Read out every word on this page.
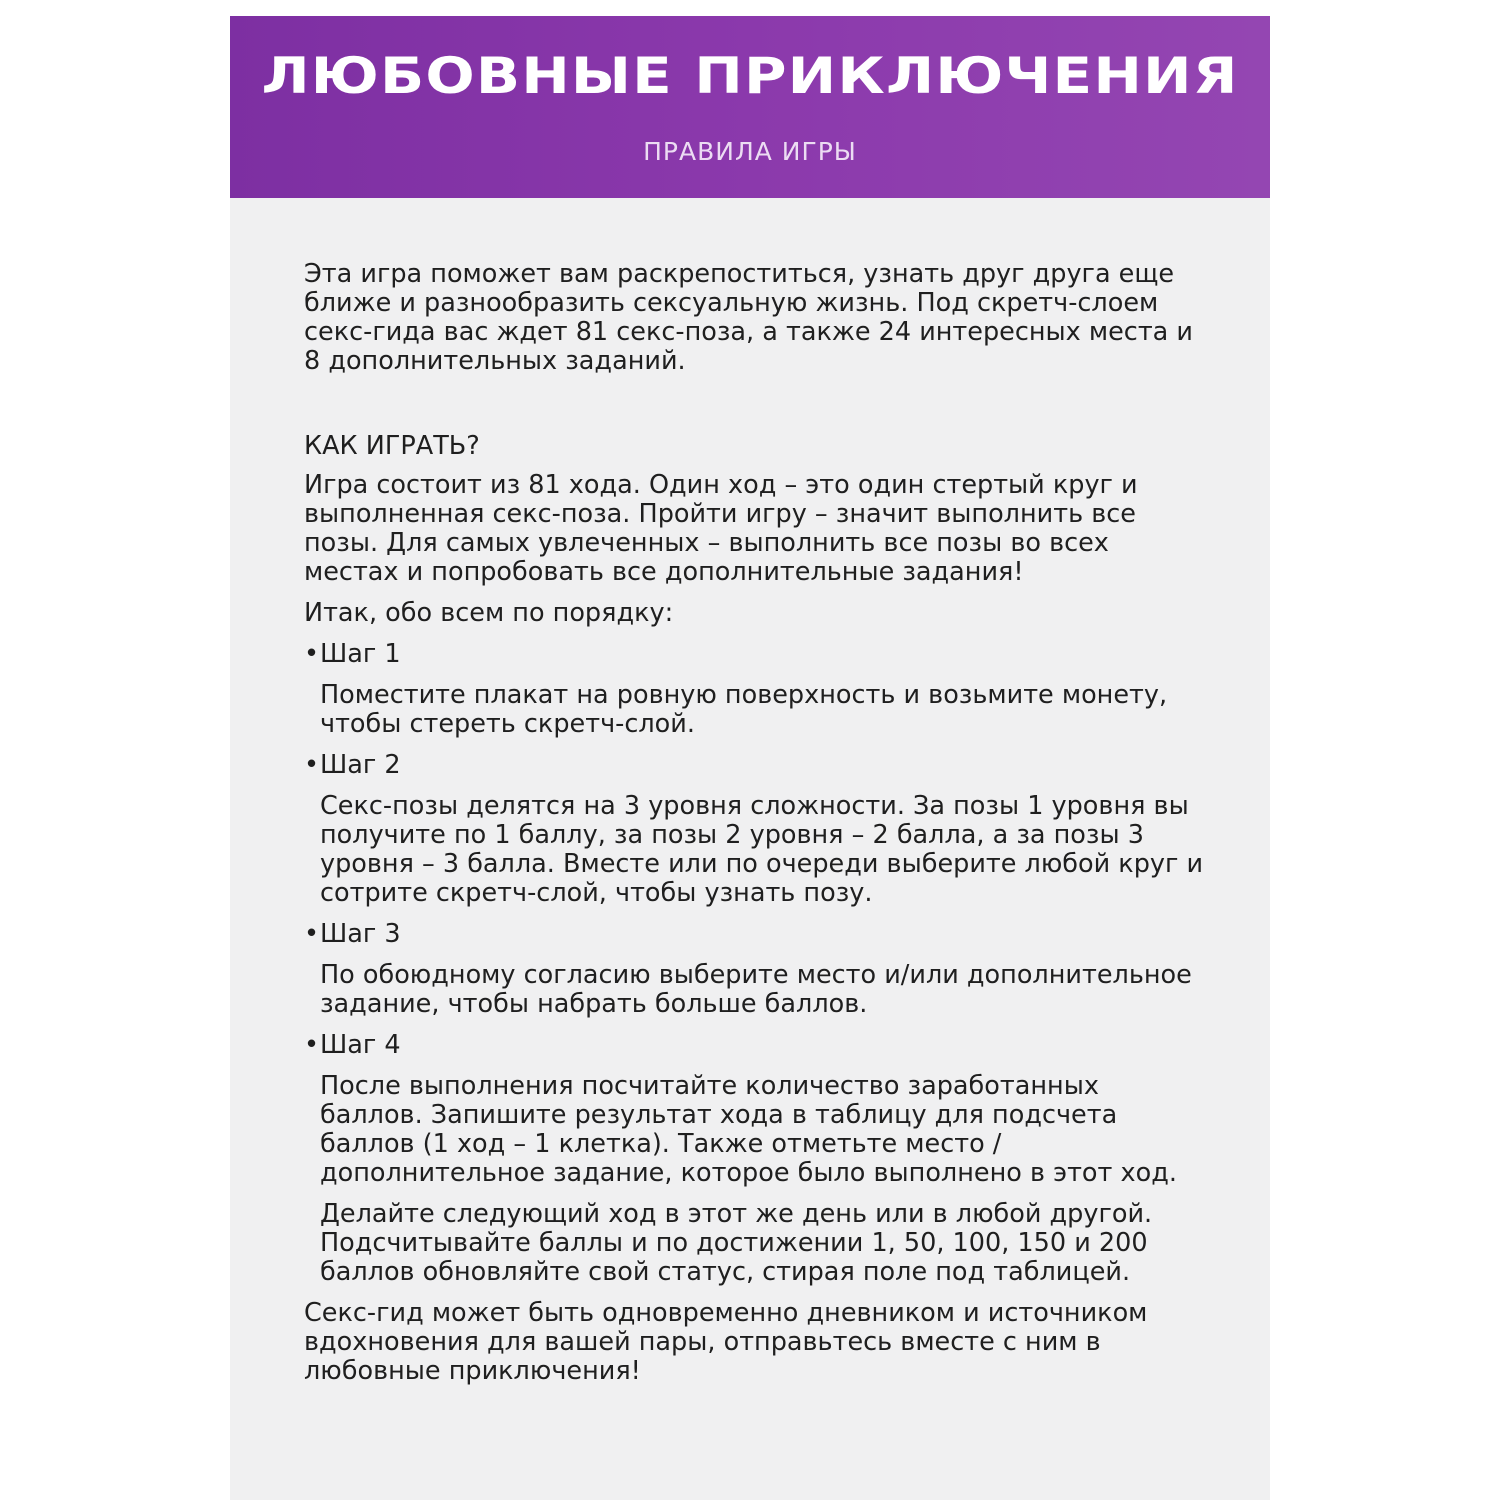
ЛЮБОВНЫЕ ПРИКЛЮЧЕНИЯ
ПРАВИЛА ИГРЫ

Эта игра поможет вам раскрепоститься, узнать друг друга еще ближе и разнообразить сексуальную жизнь. Под скретч-слоем секс-гида вас ждет 81 секс-поза, а также 24 интересных места и 8 дополнительных заданий.

КАК ИГРАТЬ?

Игра состоит из 81 хода. Один ход – это один стертый круг и выполненная секс-поза. Пройти игру – значит выполнить все позы. Для самых увлеченных – выполнить все позы во всех местах и попробовать все дополнительные задания!

Итак, обо всем по порядку:

•Шаг 1

Поместите плакат на ровную поверхность и возьмите монету, чтобы стереть скретч-слой.

•Шаг 2

Секс-позы делятся на 3 уровня сложности. За позы 1 уровня вы получите по 1 баллу, за позы 2 уровня – 2 балла, а за позы 3 уровня – 3 балла. Вместе или по очереди выберите любой круг и сотрите скретч-слой, чтобы узнать позу.

•Шаг 3

По обоюдному согласию выберите место и/или дополнительное задание, чтобы набрать больше баллов.

•Шаг 4

После выполнения посчитайте количество заработанных баллов. Запишите результат хода в таблицу для подсчета баллов (1 ход – 1 клетка). Также отметьте место / дополнительное задание, которое было выполнено в этот ход.

Делайте следующий ход в этот же день или в любой другой. Подсчитывайте баллы и по достижении 1, 50, 100, 150 и 200 баллов обновляйте свой статус, стирая поле под таблицей.

Секс-гид может быть одновременно дневником и источником вдохновения для вашей пары, отправьтесь вместе с ним в любовные приключения!
